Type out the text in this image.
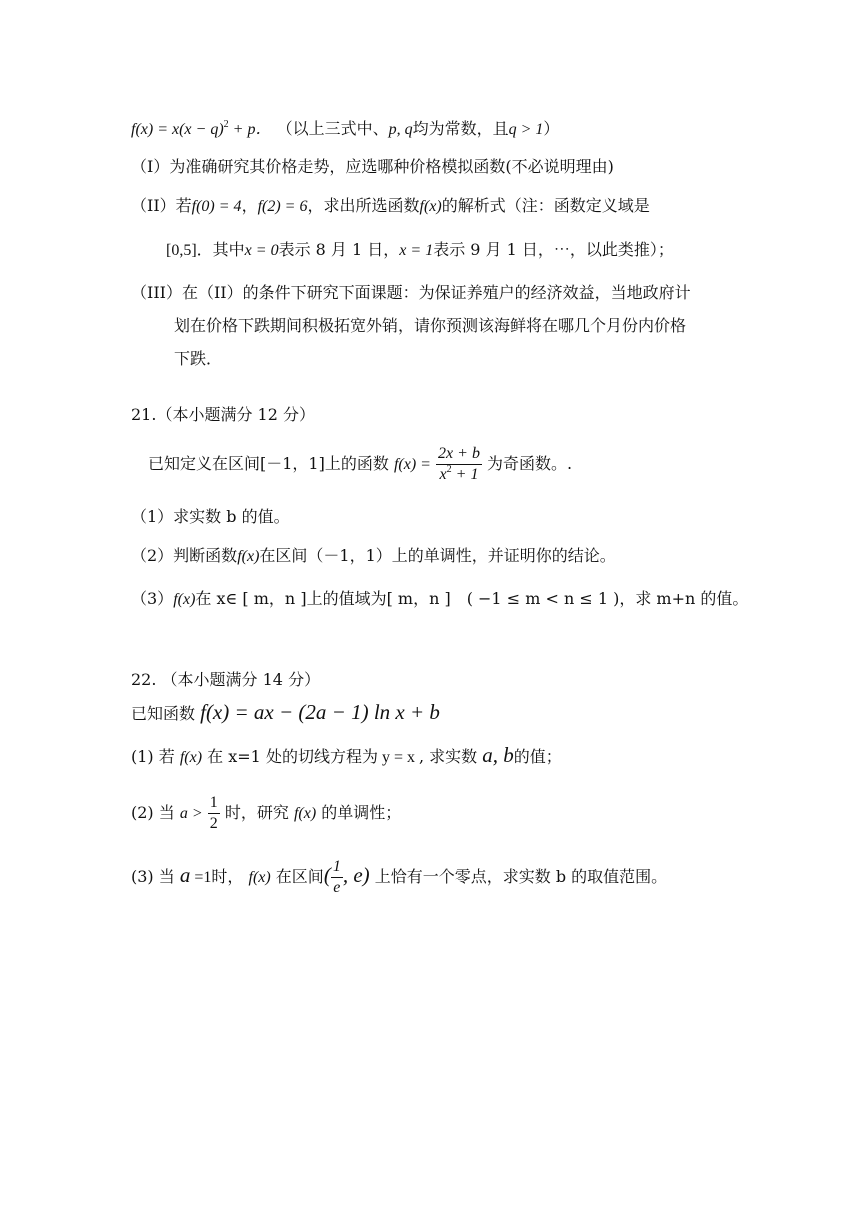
$f(x) = x(x - q)^2 + p$． （以上三式中、p, q均为常数，且q > 1）
（I）为准确研究其价格走势，应选哪种价格模拟函数(不必说明理由)
（II）若f(0) = 4，f(2) = 6，求出所选函数f(x)的解析式（注：函数定义域是
[0,5]．其中x = 0表示 8 月 1 日，x = 1表示 9 月 1 日，⋯，以此类推）；
（III）在（II）的条件下研究下面课题：为保证养殖户的经济效益，当地政府计
划在价格下跌期间积极拓宽外销，请你预测该海鲜将在哪几个月份内价格
下跌．
21.（本小题满分 12 分）
已知定义在区间[－1，1]上的函数 $f(x) = \frac{2x + b}{x^2 + 1}$ 为奇函数。.
（1）求实数 b 的值。
（2）判断函数f(x)在区间（－1，1）上的单调性，并证明你的结论。
（3）f(x)在 x∈ [ m，n ]上的值域为[ m，n ]　( −1 ≤ m < n ≤ 1 )，求 m+n 的值。
22. （本小题满分 14 分）
已知函数 f(x) = ax − (2a − 1) ln x + b
(1) 若 f(x) 在 x=1 处的切线方程为 y = x , 求实数 a, b的值；
(2) 当 $a > \frac{1}{2}$ 时，研究 f(x) 的单调性；
(3) 当 a =1时， f(x) 在区间( $\frac{1}{e}$ , e) 上恰有一个零点，求实数 b 的取值范围。
